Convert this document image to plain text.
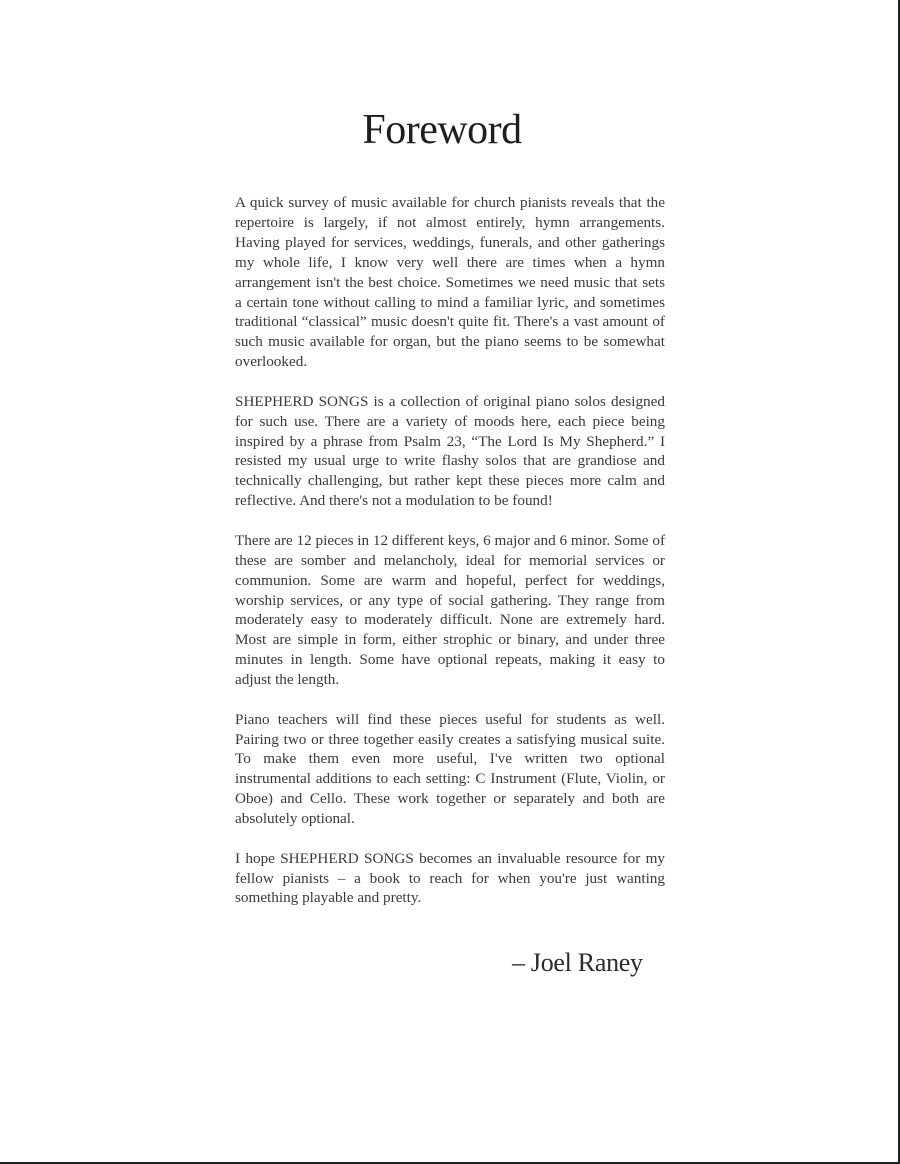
Foreword

A quick survey of music available for church pianists reveals that the repertoire is largely, if not almost entirely, hymn arrangements. Having played for services, weddings, funerals, and other gatherings my whole life, I know very well there are times when a hymn arrangement isn't the best choice. Sometimes we need music that sets a certain tone without calling to mind a familiar lyric, and sometimes traditional “classical” music doesn't quite fit. There's a vast amount of such music available for organ, but the piano seems to be somewhat overlooked.

SHEPHERD SONGS is a collection of original piano solos designed for such use. There are a variety of moods here, each piece being inspired by a phrase from Psalm 23, “The Lord Is My Shepherd.” I resisted my usual urge to write flashy solos that are grandiose and technically challenging, but rather kept these pieces more calm and reflective. And there's not a modulation to be found!

There are 12 pieces in 12 different keys, 6 major and 6 minor. Some of these are somber and melancholy, ideal for memorial services or communion. Some are warm and hopeful, perfect for weddings, worship services, or any type of social gathering. They range from moderately easy to moderately difficult. None are extremely hard. Most are simple in form, either strophic or binary, and under three minutes in length. Some have optional repeats, making it easy to adjust the length.

Piano teachers will find these pieces useful for students as well. Pairing two or three together easily creates a satisfying musical suite. To make them even more useful, I've written two optional instrumental additions to each setting: C Instrument (Flute, Violin, or Oboe) and Cello. These work together or separately and both are absolutely optional.

I hope SHEPHERD SONGS becomes an invaluable resource for my fellow pianists – a book to reach for when you're just wanting something playable and pretty.

– Joel Raney
